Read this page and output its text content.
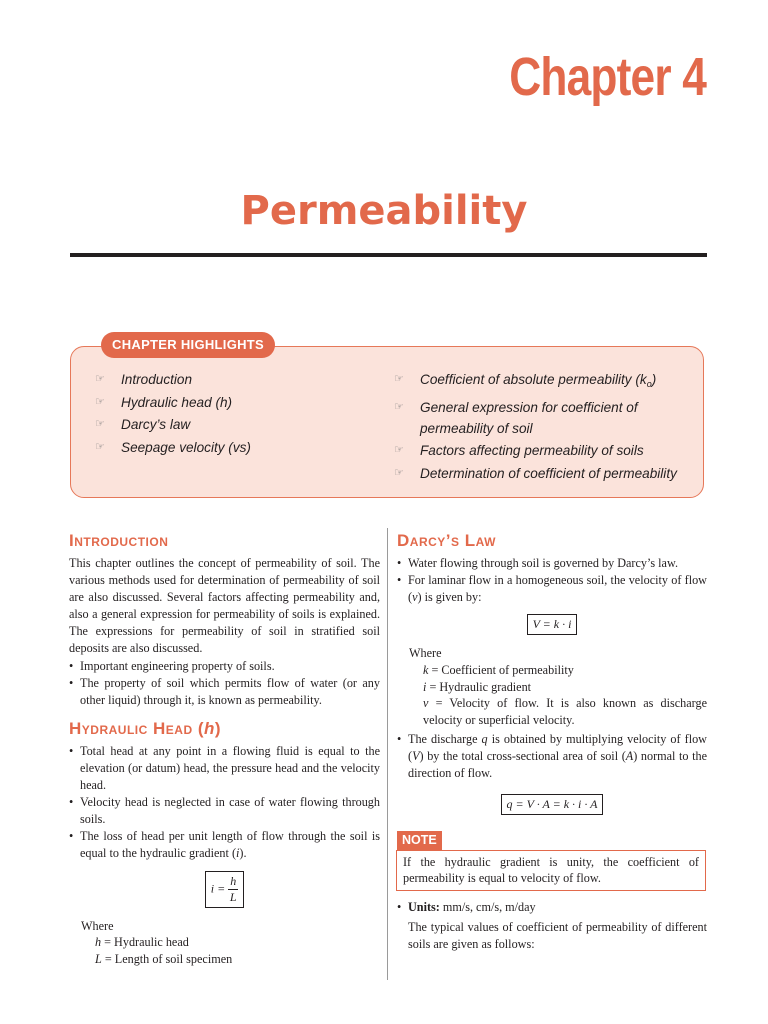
Chapter 4
Permeability
CHAPTER HIGHLIGHTS
☞	Introduction
☞	Hydraulic head (h)
☞	Darcy’s law
☞	Seepage velocity (vs)
☞	Coefficient of absolute permeability $(k_o)$
☞	General expression for coefficient of
permeability of soil
☞	Factors affecting permeability of soils
☞	Determination of coefficient of permeability
Introduction

This chapter outlines the concept of permeability of soil. The various methods used for determination of permeability of soil are also discussed. Several factors affecting permeability and, also a general expression for permeability of soils is explained. The expressions for permeability of soil in stratified soil deposits are also discussed.

• Important engineering property of soils.
• The property of soil which permits flow of water (or any other liquid) through it, is known as permeability.
Hydraulic Head (h)
• Total head at any point in a flowing fluid is equal to the elevation (or datum) head, the pressure head and the velocity head.
• Velocity head is neglected in case of water flowing through soils.
• The loss of head per unit length of flow through the soil is equal to the hydraulic gradient (i).
$i = \frac{h}{L}$
Where
h = Hydraulic head
L = Length of soil specimen
Darcy’s Law
• Water flowing through soil is governed by Darcy’s law.
• For laminar flow in a homogeneous soil, the velocity of flow (v) is given by:
V = k · i
Where
k = Coefficient of permeability
i = Hydraulic gradient
v = Velocity of flow. It is also known as discharge velocity or superficial velocity.
• The discharge q is obtained by multiplying velocity of flow (V) by the total cross-sectional area of soil (A) normal to the direction of flow.
q = V · A = k · i · A
NOTE
If the hydraulic gradient is unity, the coefficient of permeability is equal to velocity of flow.
• Units: mm/s, cm/s, m/day

The typical values of coefficient of permeability of different soils are given as follows:
